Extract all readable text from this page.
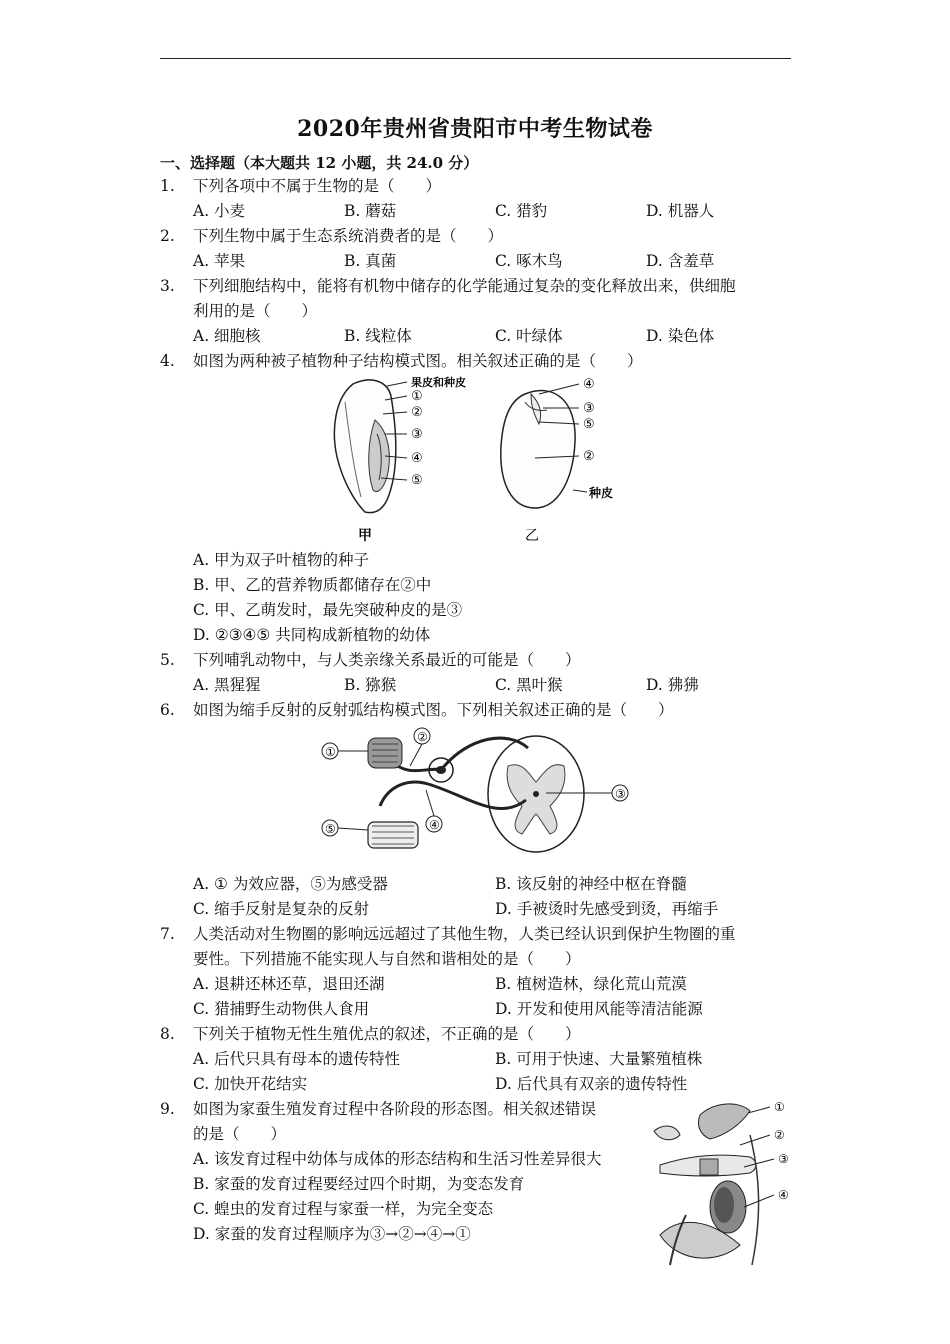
2020年贵州省贵阳市中考生物试卷
一、选择题（本大题共 12 小题，共 24.0 分）
1.	下列各项中不属于生物的是（　　）
A. 小麦	B. 蘑菇	C. 猎豹	D. 机器人
2.	下列生物中属于生态系统消费者的是（　　）
A. 苹果	B. 真菌	C. 啄木鸟	D. 含羞草
3.	下列细胞结构中，能将有机物中储存的化学能通过复杂的变化释放出来，供细胞
利用的是（　　）
A. 细胞核	B. 线粒体	C. 叶绿体	D. 染色体
4.	如图为两种被子植物种子结构模式图。相关叙述正确的是（　　）
果皮和种皮
①
②
③
④
⑤
甲
④
③
⑤
②
种皮
乙
A. 甲为双子叶植物的种子
B. 甲、乙的营养物质都储存在②中
C. 甲、乙萌发时，最先突破种皮的是③
D. ②③④⑤ 共同构成新植物的幼体
5.	下列哺乳动物中，与人类亲缘关系最近的可能是（　　）
A. 黑猩猩	B. 猕猴	C. 黑叶猴	D. 狒狒
6.	如图为缩手反射的反射弧结构模式图。下列相关叙述正确的是（　　）
①
②
③
④
⑤
A. ① 为效应器，⑤为感受器	B. 该反射的神经中枢在脊髓
C. 缩手反射是复杂的反射	D. 手被烫时先感受到烫，再缩手
7.	人类活动对生物圈的影响远远超过了其他生物，人类已经认识到保护生物圈的重
要性。下列措施不能实现人与自然和谐相处的是（　　）
A. 退耕还林还草，退田还湖	B. 植树造林，绿化荒山荒漠
C. 猎捕野生动物供人食用	D. 开发和使用风能等清洁能源
8.	下列关于植物无性生殖优点的叙述，不正确的是（　　）
A. 后代只具有母本的遗传特性	B. 可用于快速、大量繁殖植株
C. 加快开花结实	D. 后代具有双亲的遗传特性
9.	如图为家蚕生殖发育过程中各阶段的形态图。相关叙述错误
的是（　　）
①
②
③
④
A. 该发育过程中幼体与成体的形态结构和生活习性差异很大
B. 家蚕的发育过程要经过四个时期，为变态发育
C. 蝗虫的发育过程与家蚕一样，为完全变态
D. 家蚕的发育过程顺序为③→②→④→①
